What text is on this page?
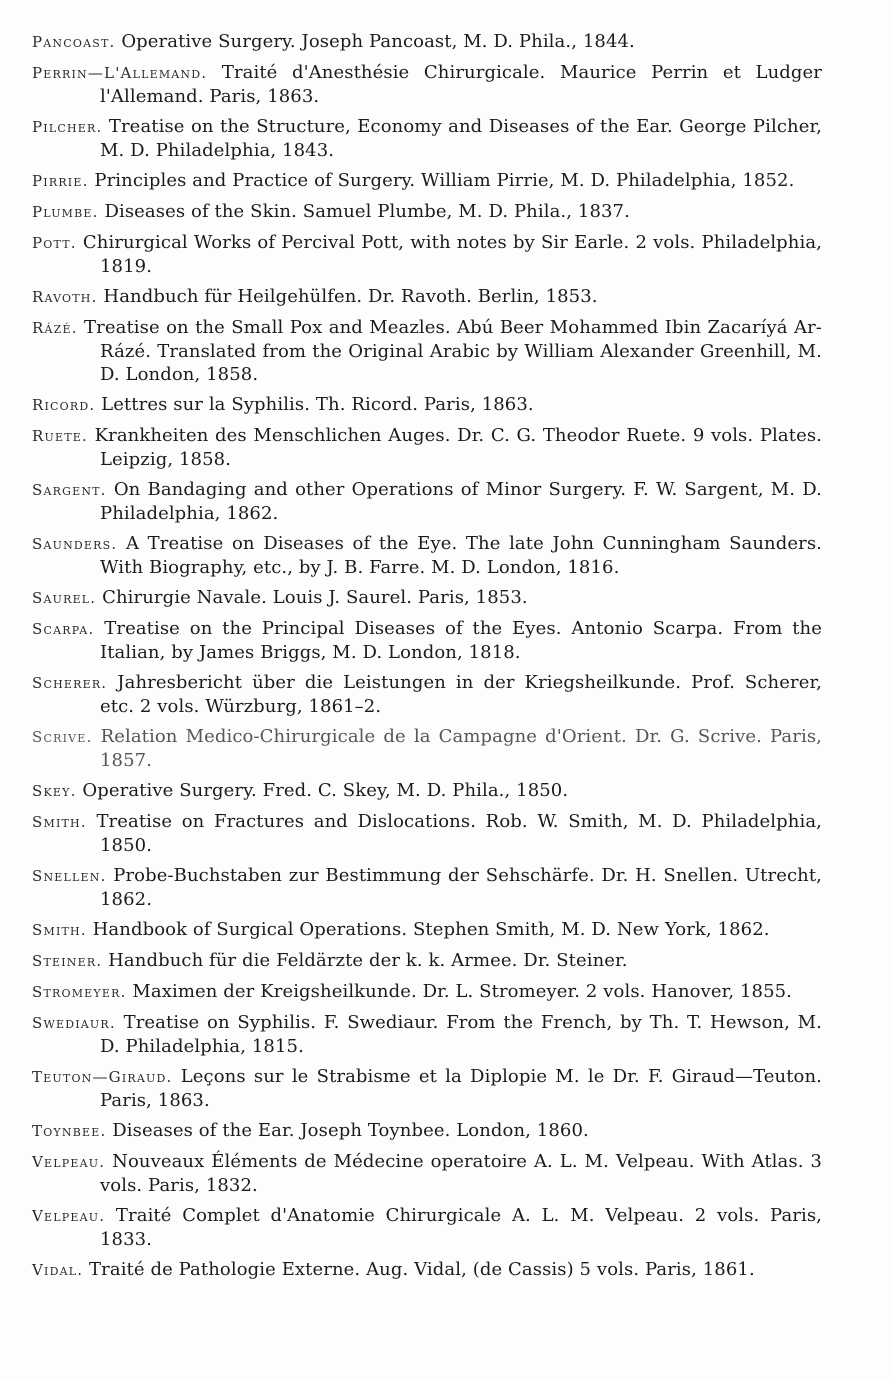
Pancoast. Operative Surgery. Joseph Pancoast, M. D. Phila., 1844.
Perrin—L'Allemand. Traité d'Anesthésie Chirurgicale. Maurice Perrin et Ludger l'Allemand. Paris, 1863.
Pilcher. Treatise on the Structure, Economy and Diseases of the Ear. George Pilcher, M. D. Philadelphia, 1843.
Pirrie. Principles and Practice of Surgery. William Pirrie, M. D. Philadelphia, 1852.
Plumbe. Diseases of the Skin. Samuel Plumbe, M. D. Phila., 1837.
Pott. Chirurgical Works of Percival Pott, with notes by Sir Earle. 2 vols. Philadelphia, 1819.
Ravoth. Handbuch für Heilgehülfen. Dr. Ravoth. Berlin, 1853.
Rázé. Treatise on the Small Pox and Meazles. Abú Beer Mohammed Ibin Zacaríyá Ar-Rázé. Translated from the Original Arabic by William Alexander Greenhill, M. D. London, 1858.
Ricord. Lettres sur la Syphilis. Th. Ricord. Paris, 1863.
Ruete. Krankheiten des Menschlichen Auges. Dr. C. G. Theodor Ruete. 9 vols. Plates. Leipzig, 1858.
Sargent. On Bandaging and other Operations of Minor Surgery. F. W. Sargent, M. D. Philadelphia, 1862.
Saunders. A Treatise on Diseases of the Eye. The late John Cunningham Saunders. With Biography, etc., by J. B. Farre. M. D. London, 1816.
Saurel. Chirurgie Navale. Louis J. Saurel. Paris, 1853.
Scarpa. Treatise on the Principal Diseases of the Eyes. Antonio Scarpa. From the Italian, by James Briggs, M. D. London, 1818.
Scherer. Jahresbericht über die Leistungen in der Kriegsheilkunde. Prof. Scherer, etc. 2 vols. Würzburg, 1861–2.
Scrive. Relation Medico-Chirurgicale de la Campagne d'Orient. Dr. G. Scrive. Paris, 1857.
Skey. Operative Surgery. Fred. C. Skey, M. D. Phila., 1850.
Smith. Treatise on Fractures and Dislocations. Rob. W. Smith, M. D. Philadelphia, 1850.
Snellen. Probe-Buchstaben zur Bestimmung der Sehschärfe. Dr. H. Snellen. Utrecht, 1862.
Smith. Handbook of Surgical Operations. Stephen Smith, M. D. New York, 1862.
Steiner. Handbuch für die Feldärzte der k. k. Armee. Dr. Steiner.
Stromeyer. Maximen der Kreigsheilkunde. Dr. L. Stromeyer. 2 vols. Hanover, 1855.
Swediaur. Treatise on Syphilis. F. Swediaur. From the French, by Th. T. Hewson, M. D. Philadelphia, 1815.
Teuton—Giraud. Leçons sur le Strabisme et la Diplopie M. le Dr. F. Giraud—Teuton. Paris, 1863.
Toynbee. Diseases of the Ear. Joseph Toynbee. London, 1860.
Velpeau. Nouveaux Éléments de Médecine operatoire A. L. M. Velpeau. With Atlas. 3 vols. Paris, 1832.
Velpeau. Traité Complet d'Anatomie Chirurgicale A. L. M. Velpeau. 2 vols. Paris, 1833.
Vidal. Traité de Pathologie Externe. Aug. Vidal, (de Cassis) 5 vols. Paris, 1861.
